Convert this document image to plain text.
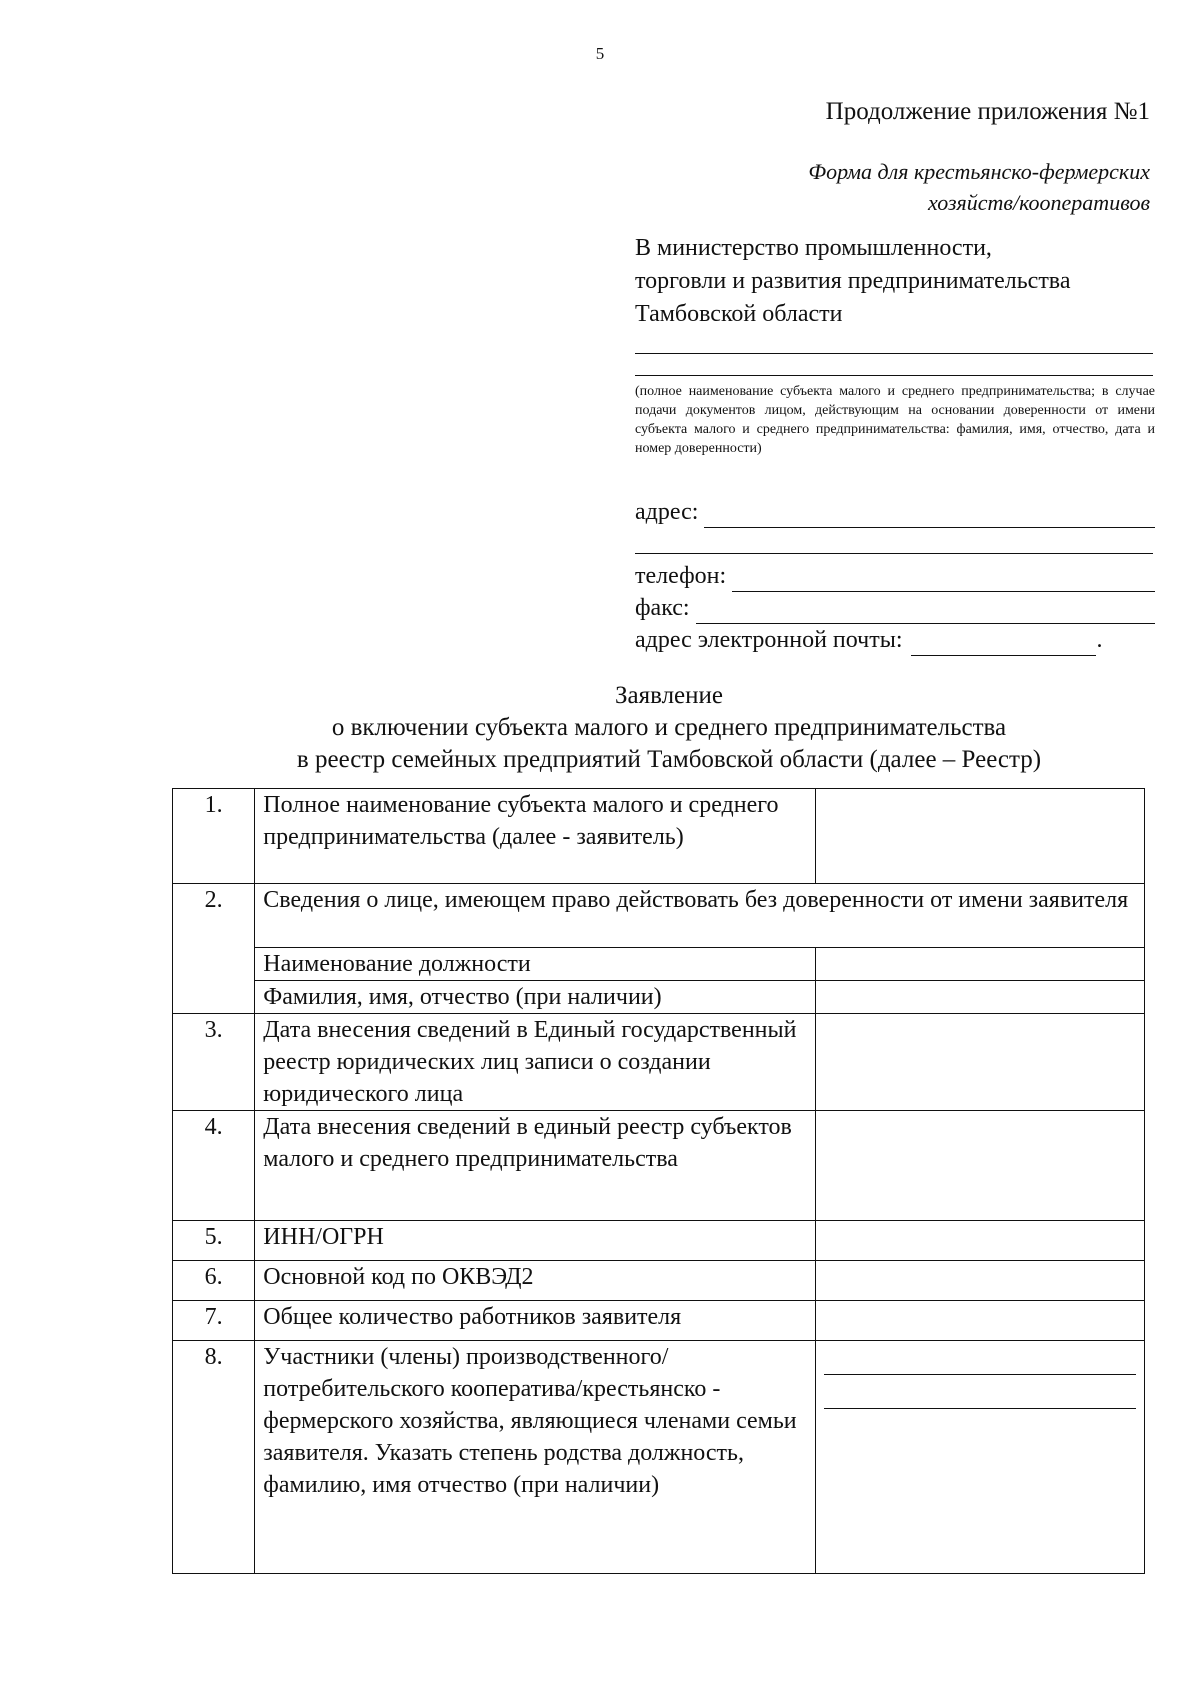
5
Продолжение приложения №1
Форма для крестьянско-фермерских
хозяйств/кооперативов
В министерство промышленности,
торговли и развития предпринимательства
Тамбовской области
(полное наименование субъекта малого и среднего предпринимательства; в случае подачи документов лицом, действующим на основании доверенности от имени субъекта малого и среднего предпринимательства: фамилия, имя, отчество, дата и номер доверенности)
адрес:
телефон:
факс:
адрес электронной почты:	.
Заявление
о включении субъекта малого и среднего предпринимательства
в реестр семейных предприятий Тамбовской области (далее – Реестр)
1.	Полное наименование субъекта малого и среднего предпринимательства (далее - заявитель)	
2.	Сведения о лице, имеющем право действовать без доверенности от имени заявителя	
	Наименование должности	
	Фамилия, имя, отчество (при наличии)	
3.	Дата внесения сведений в Единый государственный реестр юридических лиц записи о создании юридического лица	
4.	Дата внесения сведений в единый реестр субъектов малого и среднего предпринимательства	
5.	ИНН/ОГРН	
6.	Основной код по ОКВЭД2	
7.	Общее количество работников заявителя	
8.	Участники (члены) производственного/потребительского кооператива/крестьянско - фермерского хозяйства, являющиеся членами семьи заявителя. Указать степень родства должность, фамилию, имя отчество (при наличии)	
